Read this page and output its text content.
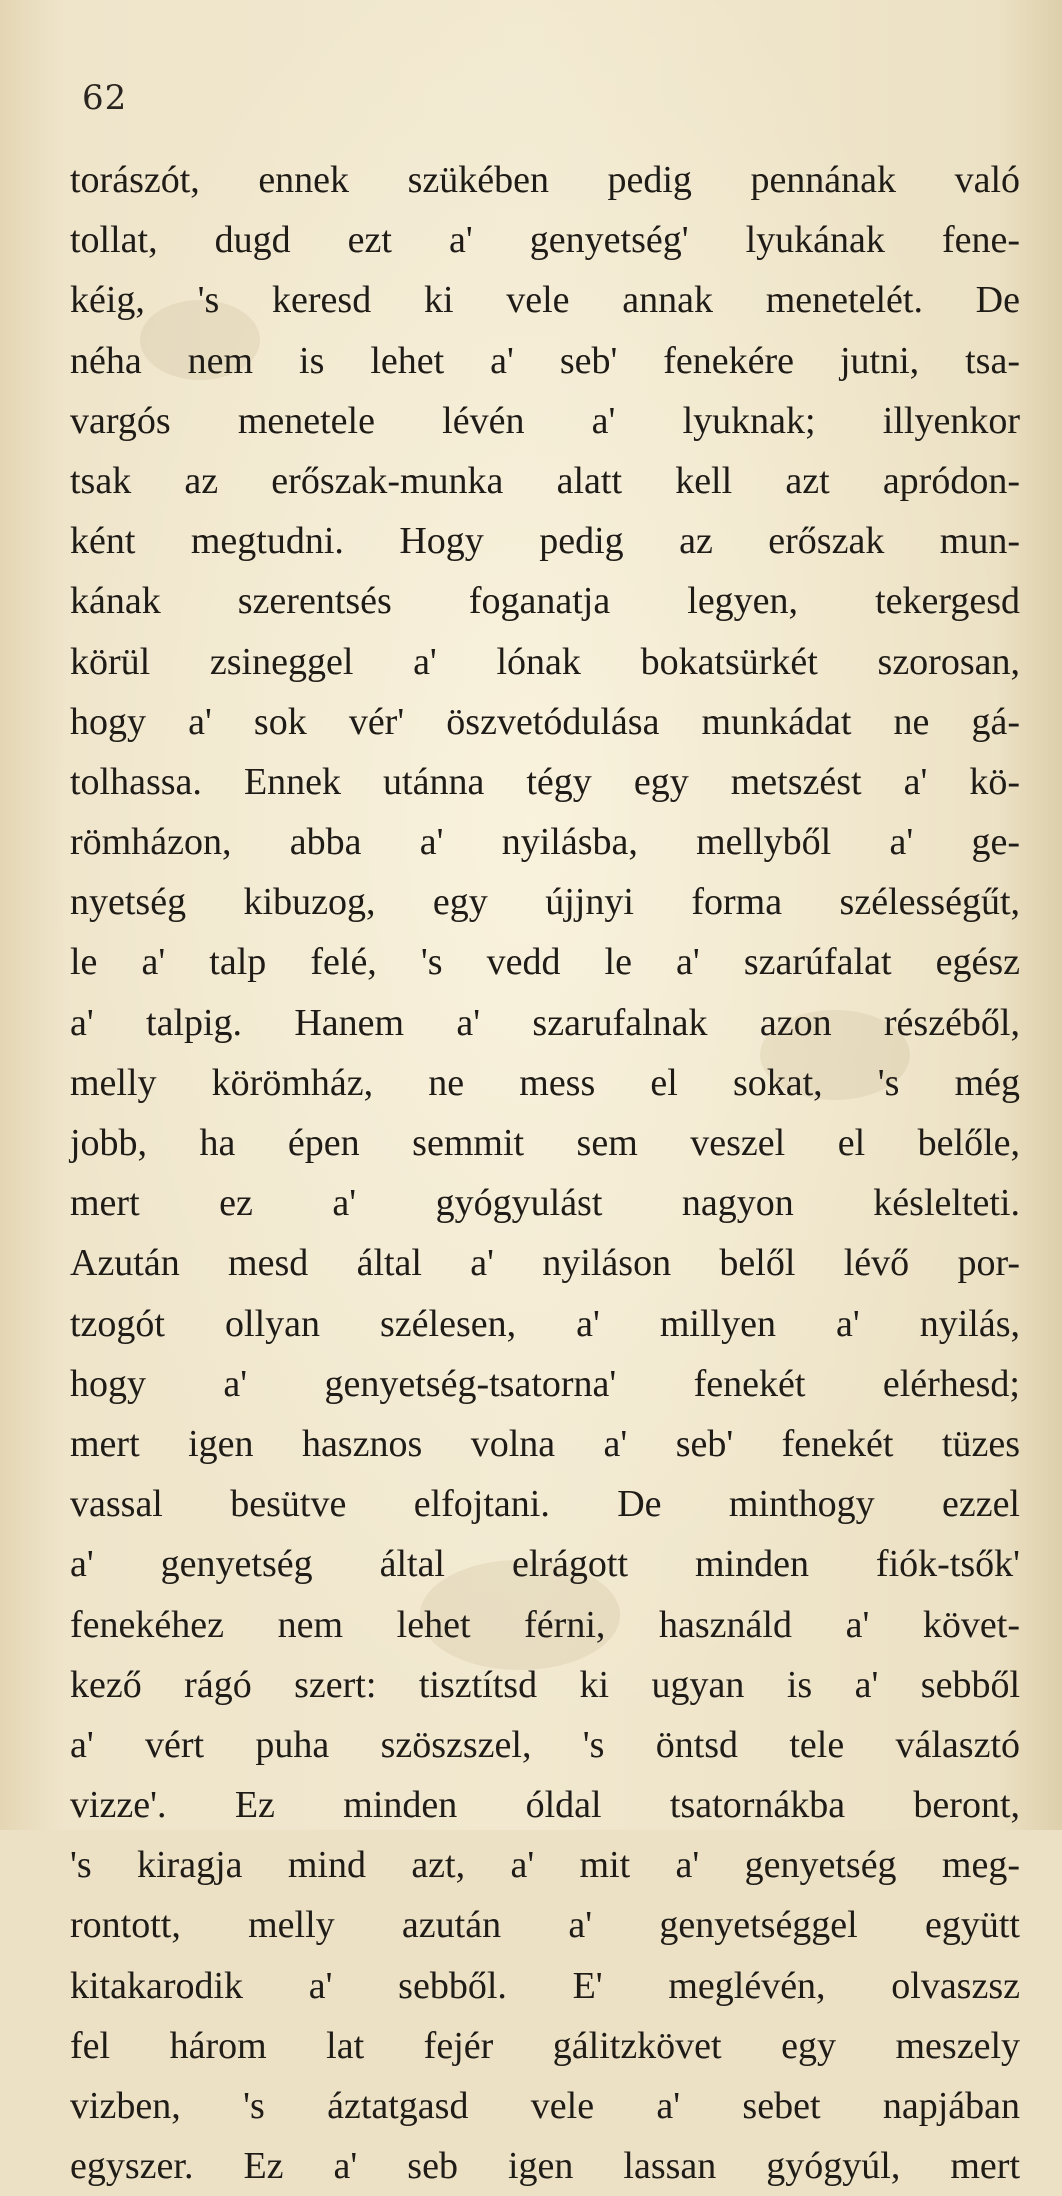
62
torászót, ennek szükében pedig pennának való
tollat, dugd ezt a' genyetség' lyukának fene-
kéig, 's keresd ki vele annak menetelét. De
néha nem is lehet a' seb' fenekére jutni, tsa-
vargós menetele lévén a' lyuknak; illyenkor
tsak az erőszak-munka alatt kell azt apródon-
ként megtudni. Hogy pedig az erőszak mun-
kának szerentsés foganatja legyen, tekergesd
körül zsineggel a' lónak bokatsürkét szorosan,
hogy a' sok vér' öszvetódulása munkádat ne gá-
tolhassa. Ennek utánna tégy egy metszést a' kö-
römházon, abba a' nyilásba, mellyből a' ge-
nyetség kibuzog, egy újjnyi forma szélességűt,
le a' talp felé, 's vedd le a' szarúfalat egész
a' talpig. Hanem a' szarufalnak azon részéből,
melly körömház, ne mess el sokat, 's még
jobb, ha épen semmit sem veszel el belőle,
mert ez a' gyógyulást nagyon késlelteti.
Azután mesd által a' nyiláson belől lévő por-
tzogót ollyan szélesen, a' millyen a' nyilás,
hogy a' genyetség-tsatorna' fenekét elérhesd;
mert igen hasznos volna a' seb' fenekét tüzes
vassal besütve elfojtani. De minthogy ezzel
a' genyetség által elrágott minden fiók-tsők'
fenekéhez nem lehet férni, használd a' követ-
kező rágó szert: tisztítsd ki ugyan is a' sebből
a' vért puha szöszszel, 's öntsd tele választó
vizze'. Ez minden óldal tsatornákba beront,
's kiragja mind azt, a' mit a' genyetség meg-
rontott, melly azután a' genyetséggel együtt
kitakarodik a' sebből. E' meglévén, olvaszsz
fel három lat fejér gálitzkövet egy meszely
vizben, 's áztatgasd vele a' sebet napjában
egyszer. Ez a' seb igen lassan gyógyúl, mert
